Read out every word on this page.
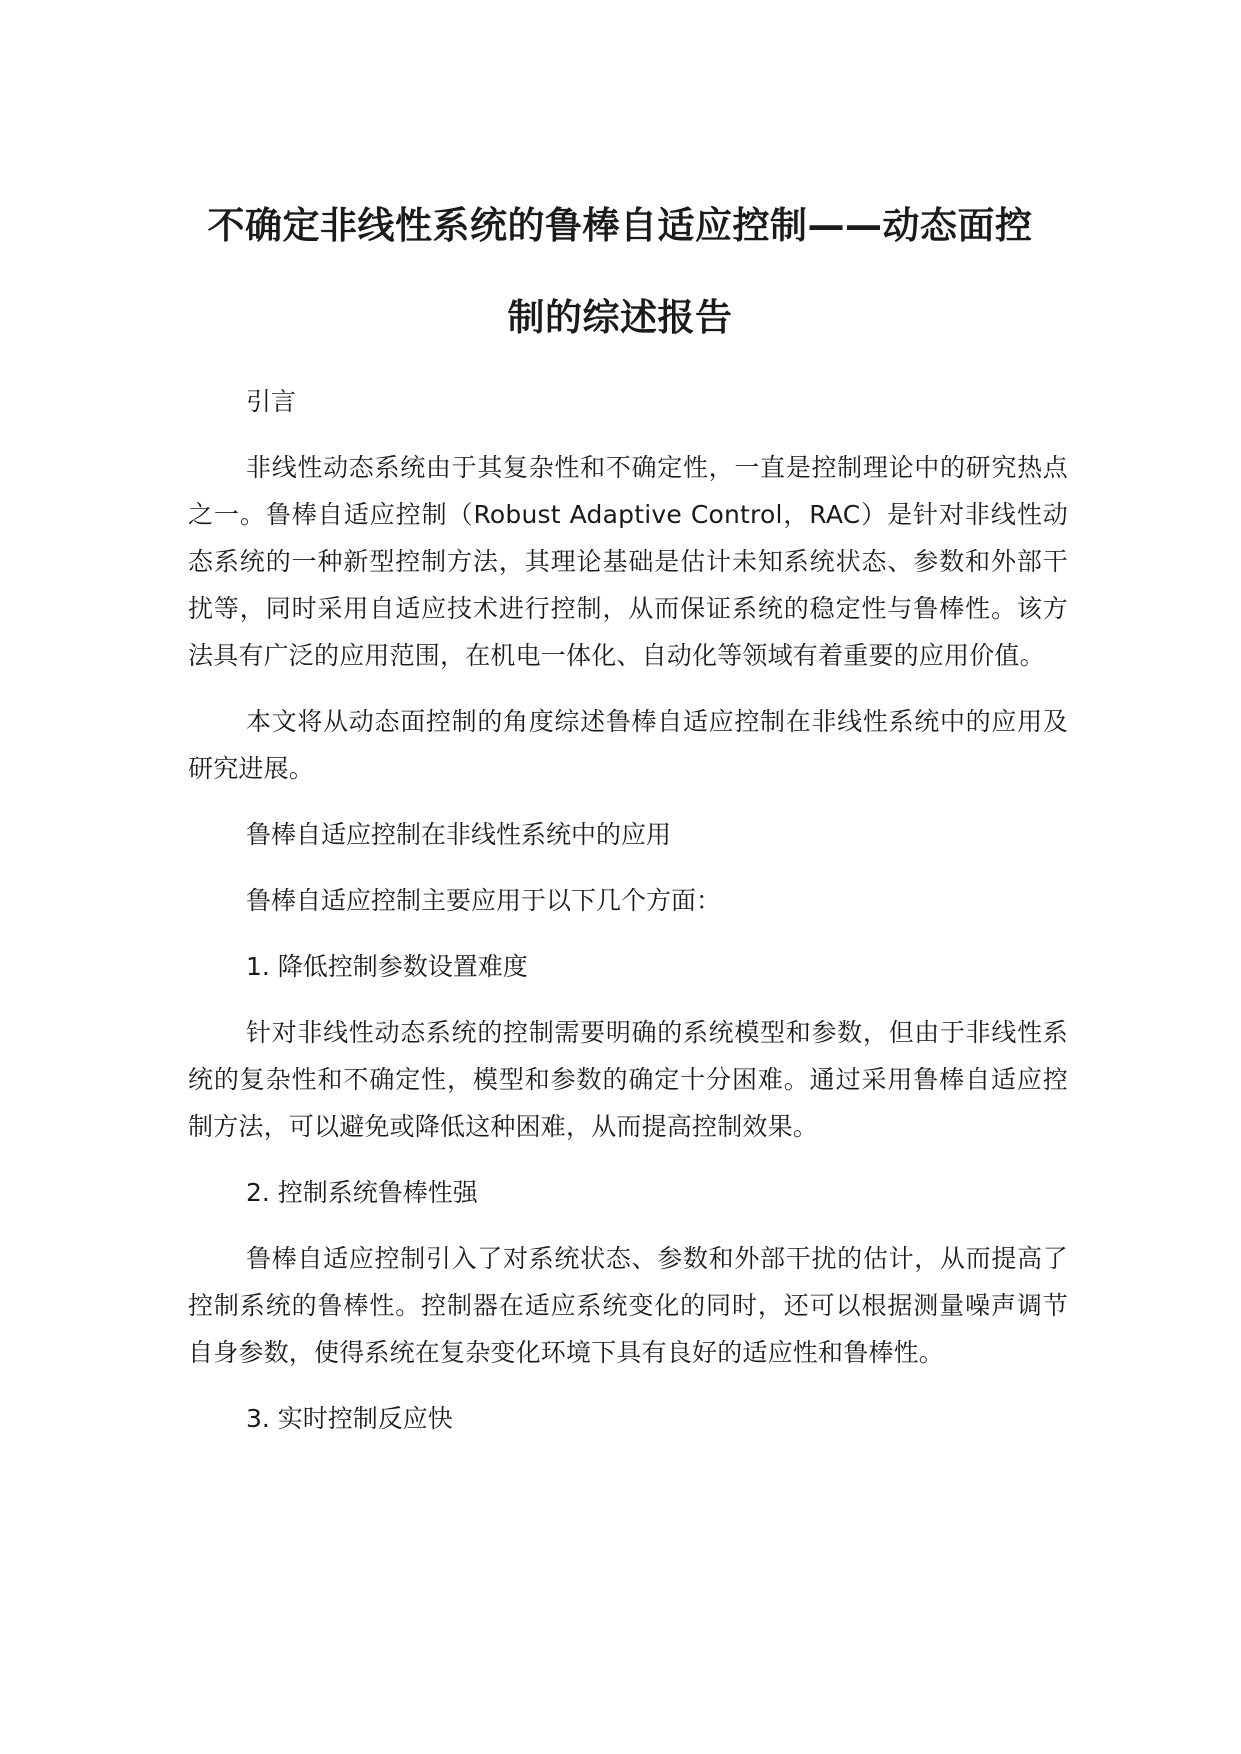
不确定非线性系统的鲁棒自适应控制——动态面控
制的综述报告

引言

非线性动态系统由于其复杂性和不确定性，一直是控制理论中的研究热点之一。鲁棒自适应控制（Robust Adaptive Control，RAC）是针对非线性动态系统的一种新型控制方法，其理论基础是估计未知系统状态、参数和外部干扰等，同时采用自适应技术进行控制，从而保证系统的稳定性与鲁棒性。该方法具有广泛的应用范围，在机电一体化、自动化等领域有着重要的应用价值。

本文将从动态面控制的角度综述鲁棒自适应控制在非线性系统中的应用及研究进展。

鲁棒自适应控制在非线性系统中的应用

鲁棒自适应控制主要应用于以下几个方面：

1. 降低控制参数设置难度

针对非线性动态系统的控制需要明确的系统模型和参数，但由于非线性系统的复杂性和不确定性，模型和参数的确定十分困难。通过采用鲁棒自适应控制方法，可以避免或降低这种困难，从而提高控制效果。

2. 控制系统鲁棒性强

鲁棒自适应控制引入了对系统状态、参数和外部干扰的估计，从而提高了控制系统的鲁棒性。控制器在适应系统变化的同时，还可以根据测量噪声调节自身参数，使得系统在复杂变化环境下具有良好的适应性和鲁棒性。

3. 实时控制反应快
